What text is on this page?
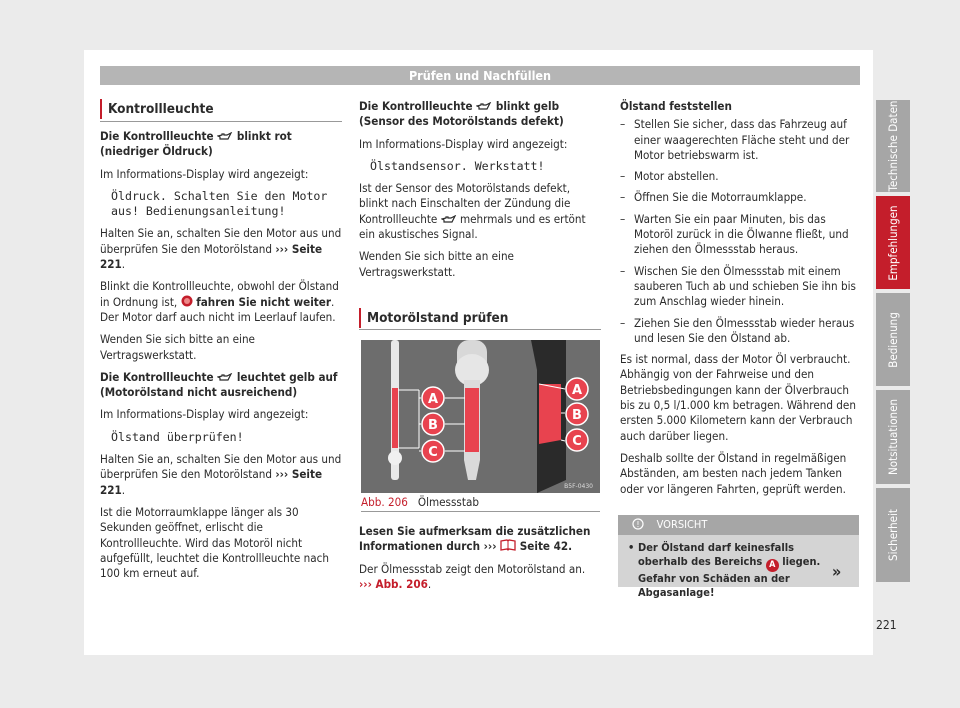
Prüfen und Nachfüllen
Kontrollleuchte

Die Kontrollleuchte  blinkt rot (niedriger Öldruck)

Im Informations-Display wird angezeigt:

Öldruck. Schalten Sie den Motor aus! Bedienungsanleitung!

Halten Sie an, schalten Sie den Motor aus und überprüfen Sie den Motorölstand ››› Seite 221.

Blinkt die Kontrollleuchte, obwohl der Ölstand in Ordnung ist,  fahren Sie nicht weiter. Der Motor darf auch nicht im Leerlauf laufen.

Wenden Sie sich bitte an eine Vertragswerkstatt.

Die Kontrollleuchte  leuchtet gelb auf (Motorölstand nicht ausreichend)

Im Informations-Display wird angezeigt:

Ölstand überprüfen!

Halten Sie an, schalten Sie den Motor aus und überprüfen Sie den Motorölstand ››› Seite 221.

Ist die Motorraumklappe länger als 30 Sekunden geöffnet, erlischt die Kontrollleuchte. Wird das Motoröl nicht aufgefüllt, leuchtet die Kontrollleuchte nach 100 km erneut auf.

Die Kontrollleuchte  blinkt gelb (Sensor des Motorölstands defekt)

Im Informations-Display wird angezeigt:

Ölstandsensor. Werkstatt!

Ist der Sensor des Motorölstands defekt, blinkt nach Einschalten der Zündung die Kontrollleuchte  mehrmals und es ertönt ein akustisches Signal.

Wenden Sie sich bitte an eine Vertragswerkstatt.

Motorölstand prüfen
A
B
C
A
B
C
B5F-0430
Abb. 206 Ölmessstab

Lesen Sie aufmerksam die zusätzlichen Informationen durch ›››  Seite 42.

Der Ölmessstab zeigt den Motorölstand an. ››› Abb. 206.

Ölstand feststellen

– Stellen Sie sicher, dass das Fahrzeug auf einer waagerechten Fläche steht und der Motor betriebswarm ist.
– Motor abstellen.
– Öffnen Sie die Motorraumklappe.
– Warten Sie ein paar Minuten, bis das Motoröl zurück in die Ölwanne fließt, und ziehen den Ölmessstab heraus.
– Wischen Sie den Ölmessstab mit einem sauberen Tuch ab und schieben Sie ihn bis zum Anschlag wieder hinein.
– Ziehen Sie den Ölmessstab wieder heraus und lesen Sie den Ölstand ab.

Es ist normal, dass der Motor Öl verbraucht. Abhängig von der Fahrweise und den Betriebsbedingungen kann der Ölverbrauch bis zu 0,5 l/1.000 km betragen. Während den ersten 5.000 Kilometern kann der Verbrauch auch darüber liegen.

Deshalb sollte der Ölstand in regelmäßigen Abständen, am besten nach jedem Tanken oder vor längeren Fahrten, geprüft werden.

! VORSICHT
• Der Ölstand darf keinesfalls oberhalb des Bereichs A liegen. Gefahr von Schäden an der Abgasanlage!
»
Technische Daten
Empfehlungen
Bedienung
Notsituationen
Sicherheit
221
